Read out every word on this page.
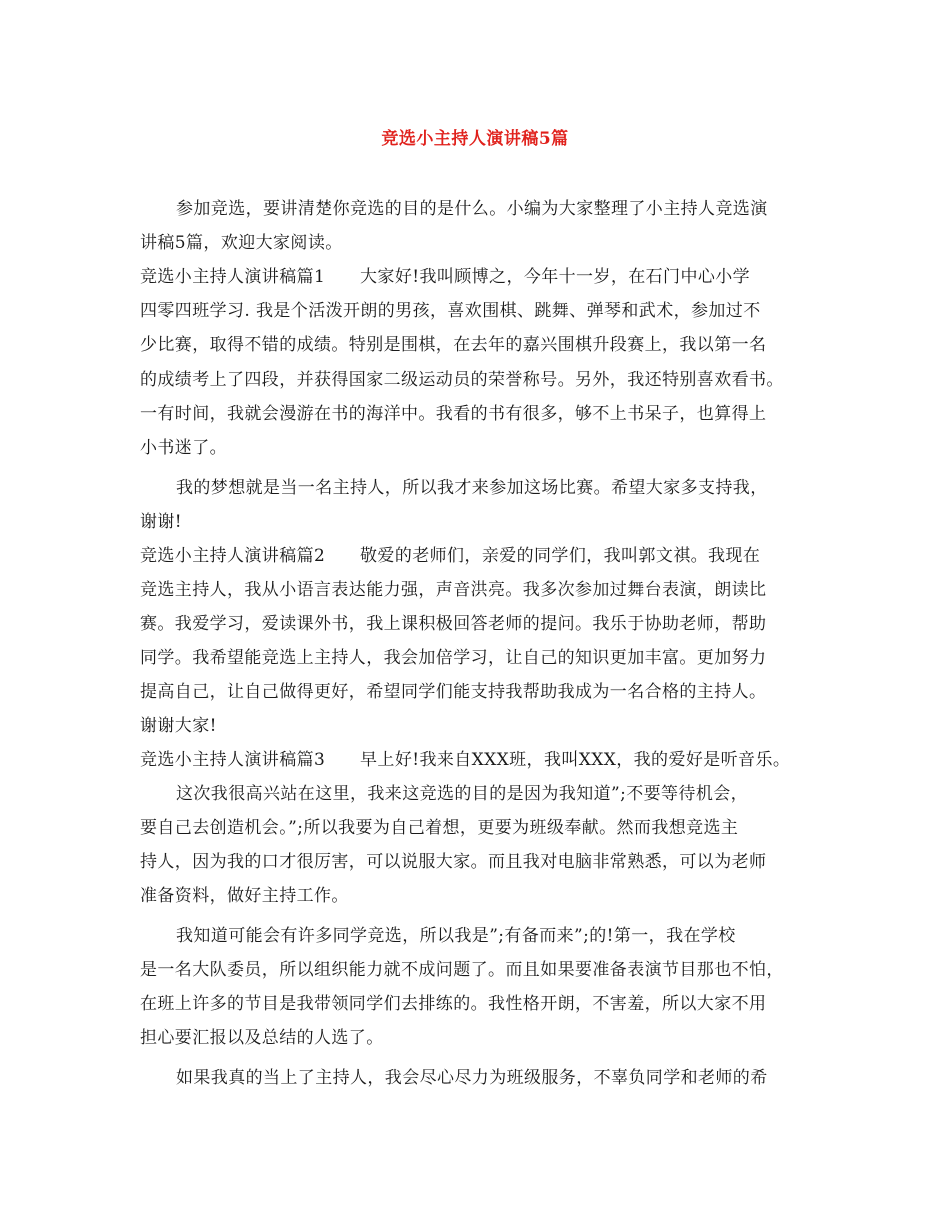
竞选小主持人演讲稿5篇
参加竞选，要讲清楚你竞选的目的是什么。小编为大家整理了小主持人竞选演
讲稿5篇，欢迎大家阅读。
竞选小主持人演讲稿篇1　　大家好!我叫顾博之，今年十一岁，在石门中心小学
四零四班学习. 我是个活泼开朗的男孩，喜欢围棋、跳舞、弹琴和武术，参加过不
少比赛，取得不错的成绩。特别是围棋，在去年的嘉兴围棋升段赛上，我以第一名
的成绩考上了四段，并获得国家二级运动员的荣誉称号。另外，我还特别喜欢看书。
一有时间，我就会漫游在书的海洋中。我看的书有很多，够不上书呆子，也算得上
小书迷了。
我的梦想就是当一名主持人，所以我才来参加这场比赛。希望大家多支持我，
谢谢!
竞选小主持人演讲稿篇2　　敬爱的老师们，亲爱的同学们，我叫郭文祺。我现在
竞选主持人，我从小语言表达能力强，声音洪亮。我多次参加过舞台表演，朗读比
赛。我爱学习，爱读课外书，我上课积极回答老师的提问。我乐于协助老师，帮助
同学。我希望能竞选上主持人，我会加倍学习，让自己的知识更加丰富。更加努力
提高自己，让自己做得更好，希望同学们能支持我帮助我成为一名合格的主持人。
谢谢大家!
竞选小主持人演讲稿篇3　　早上好!我来自XXX班，我叫XXX，我的爱好是听音乐。
这次我很高兴站在这里，我来这竞选的目的是因为我知道”;不要等待机会，
要自己去创造机会。”;所以我要为自己着想，更要为班级奉献。然而我想竞选主
持人，因为我的口才很厉害，可以说服大家。而且我对电脑非常熟悉，可以为老师
准备资料，做好主持工作。
我知道可能会有许多同学竞选，所以我是”;有备而来”;的!第一，我在学校
是一名大队委员，所以组织能力就不成问题了。而且如果要准备表演节目那也不怕，
在班上许多的节目是我带领同学们去排练的。我性格开朗，不害羞，所以大家不用
担心要汇报以及总结的人选了。
如果我真的当上了主持人，我会尽心尽力为班级服务，不辜负同学和老师的希
